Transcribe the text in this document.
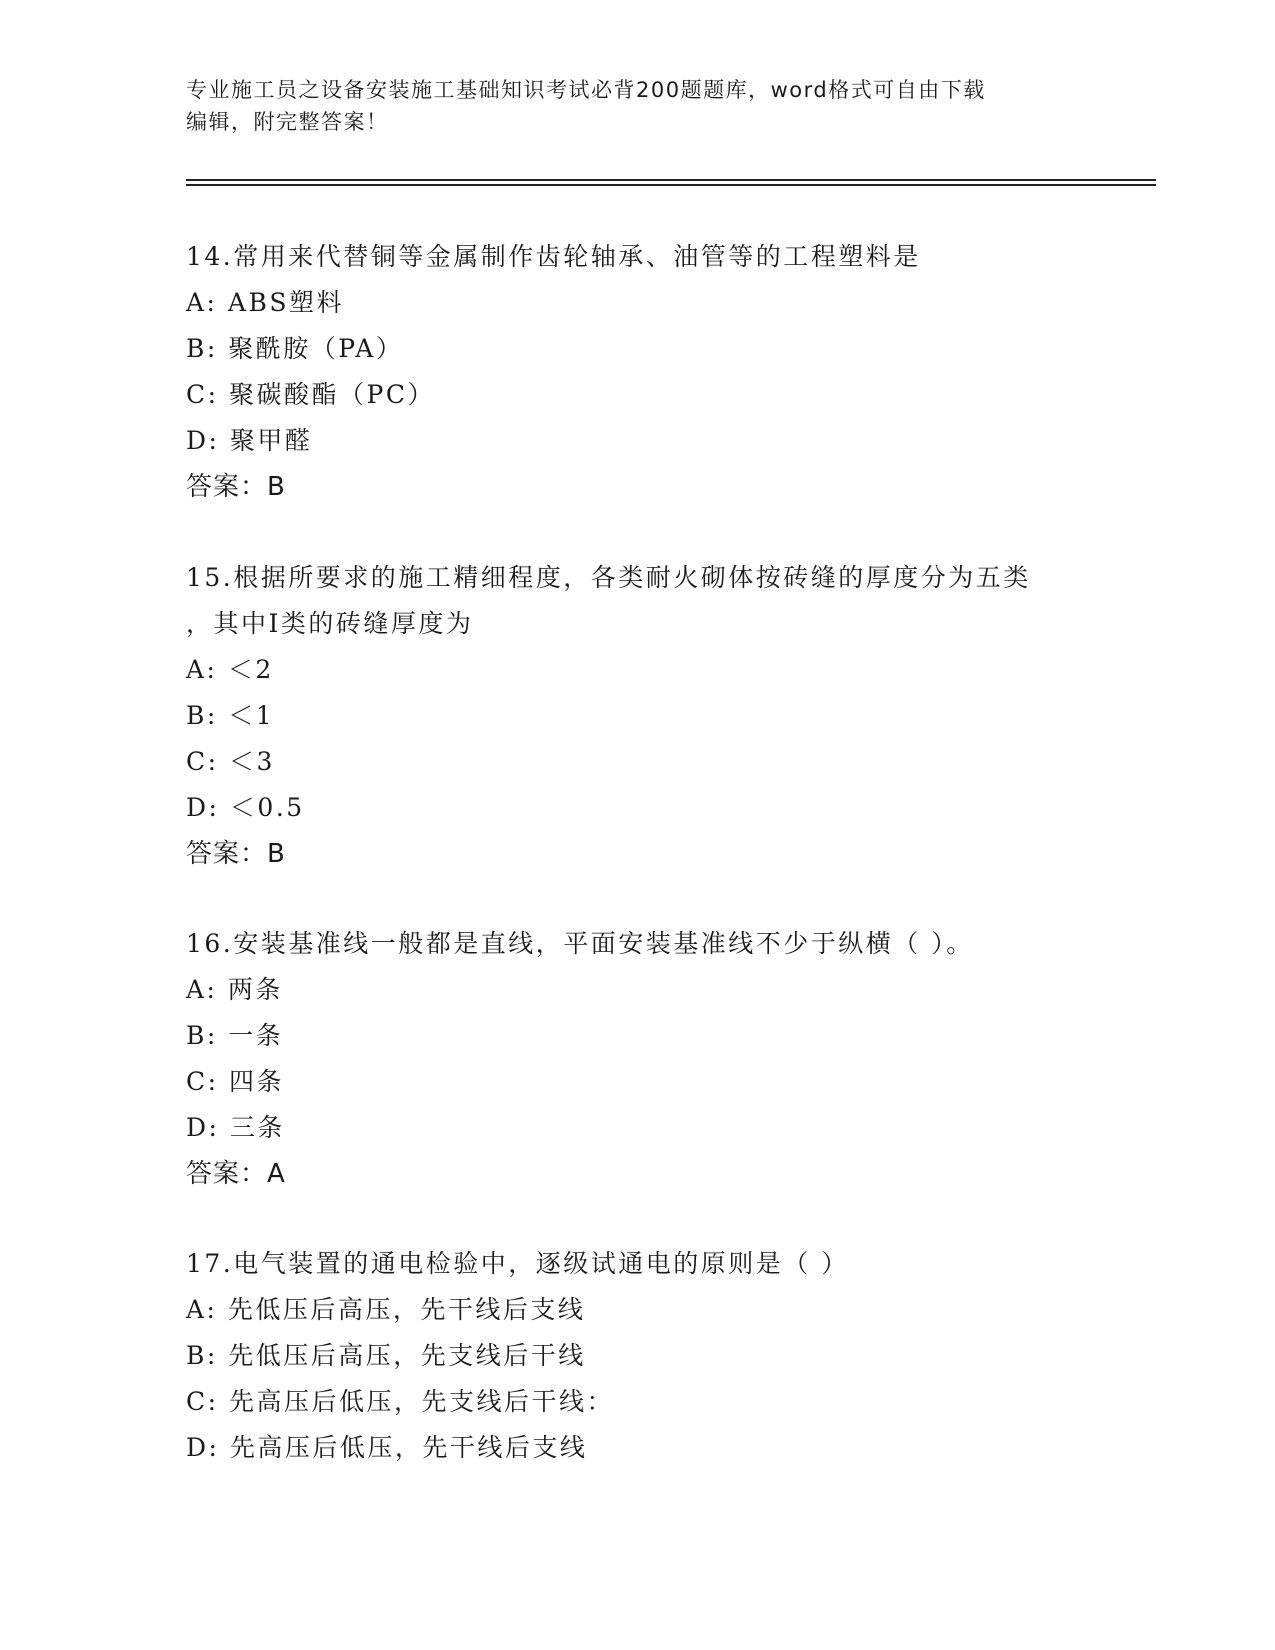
专业施工员之设备安装施工基础知识考试必背200题题库，word格式可自由下载
编辑，附完整答案！
14.常用来代替铜等金属制作齿轮轴承、油管等的工程塑料是
A: ABS塑料
B: 聚酰胺（PA）
C: 聚碳酸酯（PC）
D: 聚甲醛
答案：B
15.根据所要求的施工精细程度，各类耐火砌体按砖缝的厚度分为五类
，其中I类的砖缝厚度为
A: ＜2
B: ＜1
C: ＜3
D: ＜0.5
答案：B
16.安装基准线一般都是直线，平面安装基准线不少于纵横（ ）。
A: 两条
B: 一条
C: 四条
D: 三条
答案：A
17.电气装置的通电检验中，逐级试通电的原则是（ ）
A: 先低压后高压，先干线后支线
B: 先低压后高压，先支线后干线
C: 先高压后低压，先支线后干线：
D: 先高压后低压，先干线后支线
